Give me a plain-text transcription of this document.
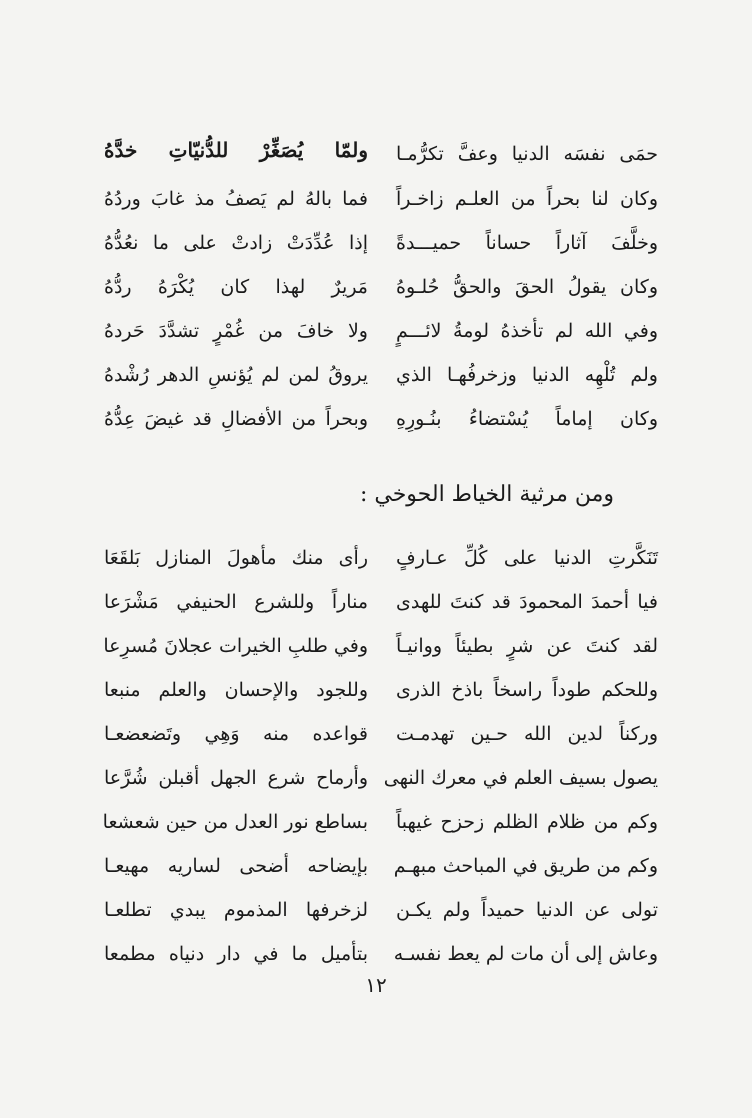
حمَى نفسَه الدنيا وعفَّ تكرُّمـا
وكان لنا بحراً من العلـم زاخـراً
وخلَّفَ آثاراً حساناً حميـــدةً
وكان يقولُ الحقَ والحقُّ حُلـوهُ
وفي الله لم تأخذهُ لومةُ لائـــمٍ
ولم تُلْهِه الدنيا وزخرفُهـا الذي
وكان إماماً يُسْتضاءُ بنُـورِهِ
ولمّا يُصَغِّرْ للدُّنيّاتِ خدَّهُ
فما بالهُ لم يَصفُ مذ غابَ وردُهُ
إذا عُدِّدَتْ زادتْ على ما نعُدُّهُ
مَريرٌ لهذا كان يُكْرَهُ ردُّهُ
ولا خافَ من غُمْرٍ تشدَّدَ حَردهُ
يروقُ لمن لم يُؤنسِ الدهر رُشْدهُ
وبحراً من الأفضالِ قد غيضَ عِدُّهُ
ومن مرثية الخياط الحوخي :
تَنَكَّرتِ الدنيا على كُلِّ عـارفٍ
فيا أحمدَ المحمودَ قد كنتَ للهدى
لقد كنتَ عن شرٍ بطيئاً ووانيـاً
وللحكم طوداً راسخاً باذخ الذرى
وركناً لدين الله حـين تهدمـت
يصول بسيف العلم في معرك النهى
وكم من ظلام الظلم زحزح غيهباً
وكم من طريق في المباحث مبهـم
تولى عن الدنيا حميداً ولم يكـن
وعاش إلى أن مات لم يعط نفسـه
رأى منك مأهولَ المنازل بَلقَعَا
مناراً وللشرع الحنيفي مَشْرَعا
وفي طلبِ الخيرات عجلانَ مُسرِعا
وللجود والإحسان والعلم منبعا
قواعده منه وَهِي وتَضعضعـا
وأرماح شرع الجهل أقبلن شُرَّعا
بساطع نور العدل من حين شعشعا
بإيضاحه أضحى لساريه مهيعـا
لزخرفها المذموم يبدي تطلعـا
بتأميل ما في دار دنياه مطمعا
١٢
